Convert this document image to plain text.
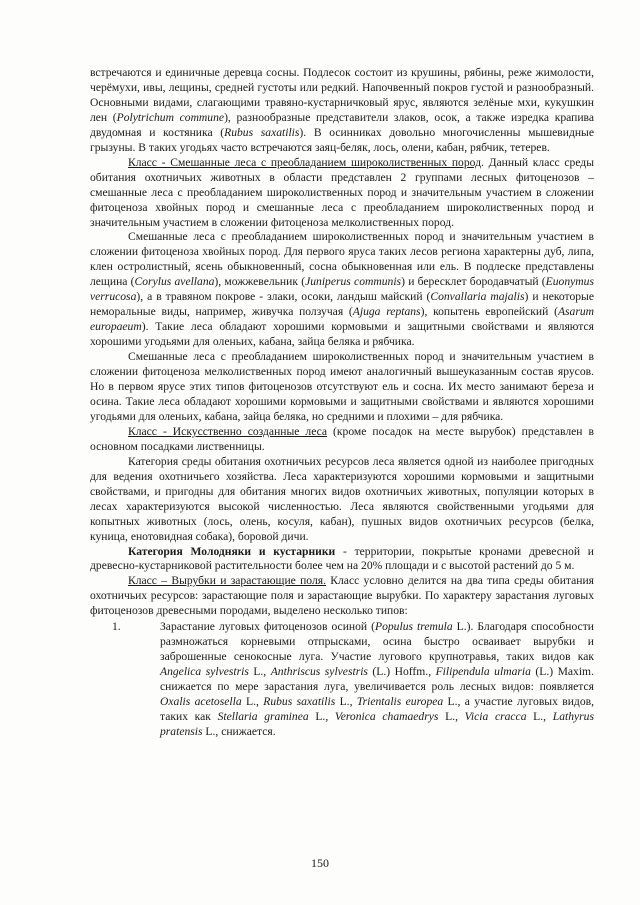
встречаются и единичные деревца сосны. Подлесок состоит из крушины, рябины, реже жимолости, черёмухи, ивы, лещины, средней густоты или редкий. Напочвенный покров густой и разнообразный. Основными видами, слагающими травяно-кустарничковый ярус, являются зелёные мхи, кукушкин лен (Polytrichum commune), разнообразные представители злаков, осок, а также изредка крапива двудомная и костяника (Rubus saxatilis). В осинниках довольно многочисленны мышевидные грызуны. В таких угодьях часто встречаются заяц-беляк, лось, олени, кабан, рябчик, тетерев.

Класс - Смешанные леса с преобладанием широколиственных пород. Данный класс среды обитания охотничьих животных в области представлен 2 группами лесных фитоценозов – смешанные леса с преобладанием широколиственных пород и значительным участием в сложении фитоценоза хвойных пород и смешанные леса с преобладанием широколиственных пород и значительным участием в сложении фитоценоза мелколиственных пород.

Смешанные леса с преобладанием широколиственных пород и значительным участием в сложении фитоценоза хвойных пород. Для первого яруса таких лесов региона характерны дуб, липа, клен остролистный, ясень обыкновенный, сосна обыкновенная или ель. В подлеске представлены лещина (Corylus avellana), можжевельник (Juniperus communis) и бересклет бородавчатый (Euonymus verrucosa), а в травяном покрове - злаки, осоки, ландыш майский (Convallaria majalis) и некоторые неморальные виды, например, живучка ползучая (Ajuga reptans), копытень европейский (Asarum europaeum). Такие леса обладают хорошими кормовыми и защитными свойствами и являются хорошими угодьями для оленьих, кабана, зайца беляка и рябчика.

Смешанные леса с преобладанием широколиственных пород и значительным участием в сложении фитоценоза мелколиственных пород имеют аналогичный вышеуказанным состав ярусов. Но в первом ярусе этих типов фитоценозов отсутствуют ель и сосна. Их место занимают береза и осина. Такие леса обладают хорошими кормовыми и защитными свойствами и являются хорошими угодьями для оленьих, кабана, зайца беляка, но средними и плохими – для рябчика.

Класс - Искусственно созданные леса (кроме посадок на месте вырубок) представлен в основном посадками лиственницы.

Категория среды обитания охотничьих ресурсов леса является одной из наиболее пригодных для ведения охотничьего хозяйства. Леса характеризуются хорошими кормовыми и защитными свойствами, и пригодны для обитания многих видов охотничьих животных, популяции которых в лесах характеризуются высокой численностью. Леса являются свойственными угодьями для копытных животных (лось, олень, косуля, кабан), пушных видов охотничьих ресурсов (белка, куница, енотовидная собака), боровой дичи.

Категория Молодняки и кустарники - территории, покрытые кронами древесной и древесно-кустарниковой растительности более чем на 20% площади и с высотой растений до 5 м.

Класс – Вырубки и зарастающие поля. Класс условно делится на два типа среды обитания охотничьих ресурсов: зарастающие поля и зарастающие вырубки. По характеру зарастания луговых фитоценозов древесными породами, выделено несколько типов:

1.	Зарастание луговых фитоценозов осиной (Populus tremula L.). Благодаря способности размножаться корневыми отпрысками, осина быстро осваивает вырубки и заброшенные сенокосные луга. Участие лугового крупнотравья, таких видов как Angelica sylvestris L., Anthriscus sylvestris (L.) Hoffm., Filipendula ulmaria (L.) Maxim. снижается по мере зарастания луга, увеличивается роль лесных видов: появляется Oxalis acetosella L., Rubus saxatilis L., Trientalis europea L., а участие луговых видов, таких как Stellaria graminea L., Veronica chamaedrys L., Vicia cracca L., Lathyrus pratensis L., снижается.
150
